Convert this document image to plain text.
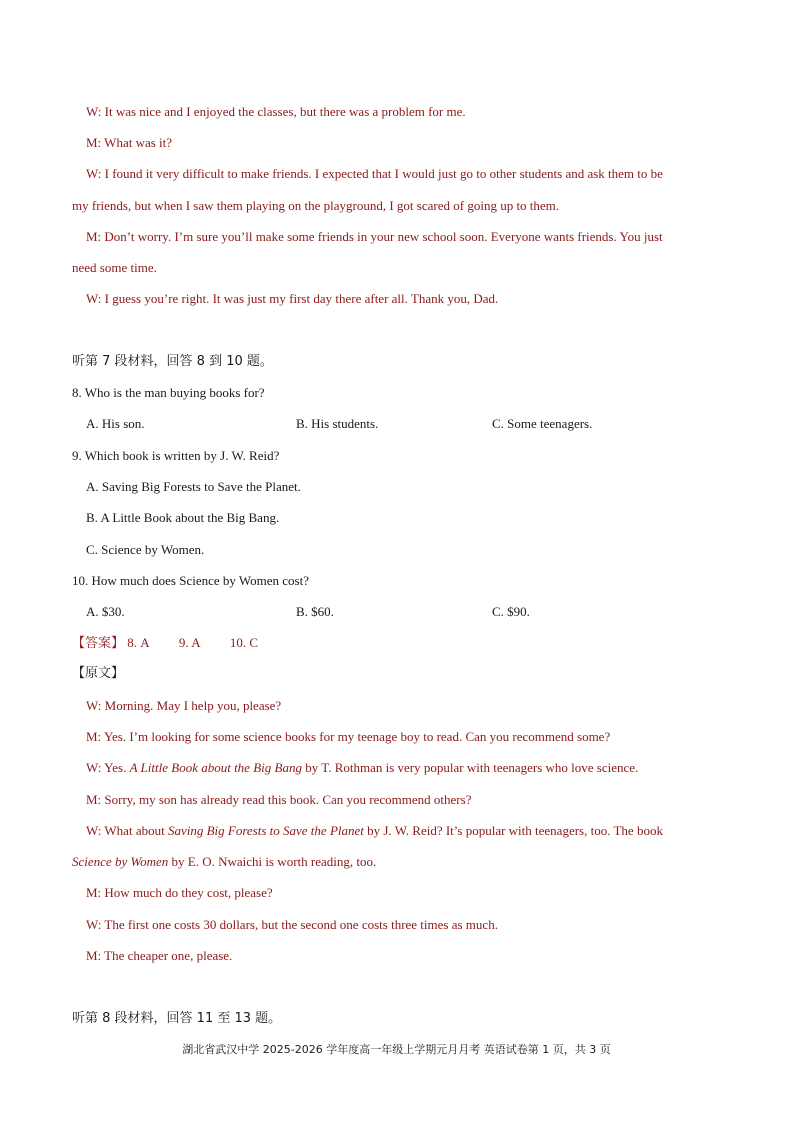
W: It was nice and I enjoyed the classes, but there was a problem for me.
M: What was it?
W: I found it very difficult to make friends. I expected that I would just go to other students and ask them to be
my friends, but when I saw them playing on the playground, I got scared of going up to them.
M: Don’t worry. I’m sure you’ll make some friends in your new school soon. Everyone wants friends. You just
need some time.
W: I guess you’re right. It was just my first day there after all. Thank you, Dad.
听第 7 段材料，回答 8 到 10 题。
8. Who is the man buying books for?
A. His son.	B. His students.	C. Some teenagers.
9. Which book is written by J. W. Reid?
A. Saving Big Forests to Save the Planet.
B. A Little Book about the Big Bang.
C. Science by Women.
10. How much does Science by Women cost?
A. $30.	B. $60.	C. $90.
【答案】 8. A 9. A 10. C
【原文】
W: Morning. May I help you, please?
M: Yes. I’m looking for some science books for my teenage boy to read. Can you recommend some?
W: Yes. A Little Book about the Big Bang by T. Rothman is very popular with teenagers who love science.
M: Sorry, my son has already read this book. Can you recommend others?
W: What about Saving Big Forests to Save the Planet by J. W. Reid? It’s popular with teenagers, too. The book
Science by Women by E. O. Nwaichi is worth reading, too.
M: How much do they cost, please?
W: The first one costs 30 dollars, but the second one costs three times as much.
M: The cheaper one, please.
听第 8 段材料，回答 11 至 13 题。
湖北省武汉中学 2025-2026 学年度高一年级上学期元月月考 英语试卷第 1 页，共 3 页
